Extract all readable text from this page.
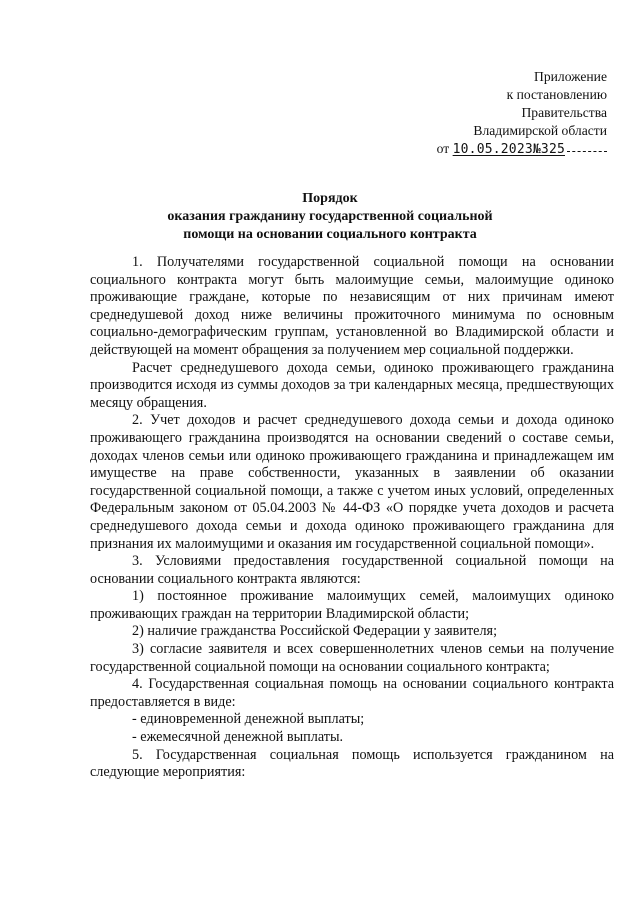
Приложение
к постановлению
Правительства
Владимирской области
от 10.05.2023№325
Порядок
оказания гражданину государственной социальной
помощи на основании социального контракта

1. Получателями государственной социальной помощи на основании социального контракта могут быть малоимущие семьи, малоимущие одиноко проживающие граждане, которые по независящим от них причинам имеют среднедушевой доход ниже величины прожиточного минимума по основным социально-демографическим группам, установленной во Владимирской области и действующей на момент обращения за получением мер социальной поддержки.

Расчет среднедушевого дохода семьи, одиноко проживающего гражданина производится исходя из суммы доходов за три календарных месяца, предшествующих месяцу обращения.

2. Учет доходов и расчет среднедушевого дохода семьи и дохода одиноко проживающего гражданина производятся на основании сведений о составе семьи, доходах членов семьи или одиноко проживающего гражданина и принадлежащем им имуществе на праве собственности, указанных в заявлении об оказании государственной социальной помощи, а также с учетом иных условий, определенных Федеральным законом от 05.04.2003 № 44-ФЗ «О порядке учета доходов и расчета среднедушевого дохода семьи и дохода одиноко проживающего гражданина для признания их малоимущими и оказания им государственной социальной помощи».

3. Условиями предоставления государственной социальной помощи на основании социального контракта являются:

1) постоянное проживание малоимущих семей, малоимущих одиноко проживающих граждан на территории Владимирской области;

2) наличие гражданства Российской Федерации у заявителя;

3) согласие заявителя и всех совершеннолетних членов семьи на получение государственной социальной помощи на основании социального контракта;

4. Государственная социальная помощь на основании социального контракта предоставляется в виде:

- единовременной денежной выплаты;

- ежемесячной денежной выплаты.

5. Государственная социальная помощь используется гражданином на следующие мероприятия:
